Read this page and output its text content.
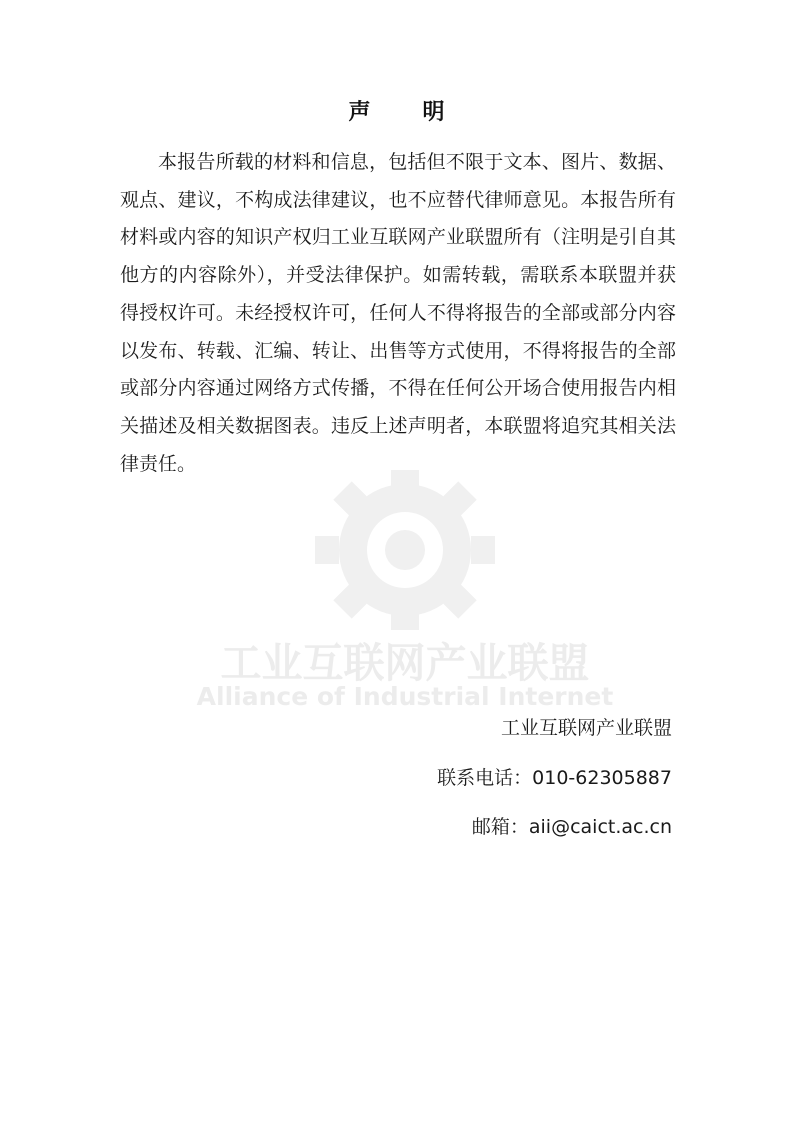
工业互联网产业联盟
Alliance of Industrial Internet
声明

本报告所载的材料和信息，包括但不限于文本、图片、数据、观点、建议，不构成法律建议，也不应替代律师意见。本报告所有材料或内容的知识产权归工业互联网产业联盟所有（注明是引自其他方的内容除外），并受法律保护。如需转载，需联系本联盟并获得授权许可。未经授权许可，任何人不得将报告的全部或部分内容以发布、转载、汇编、转让、出售等方式使用，不得将报告的全部或部分内容通过网络方式传播，不得在任何公开场合使用报告内相关描述及相关数据图表。违反上述声明者，本联盟将追究其相关法律责任。

工业互联网产业联盟
联系电话：010-62305887
邮箱：aii@caict.ac.cn
